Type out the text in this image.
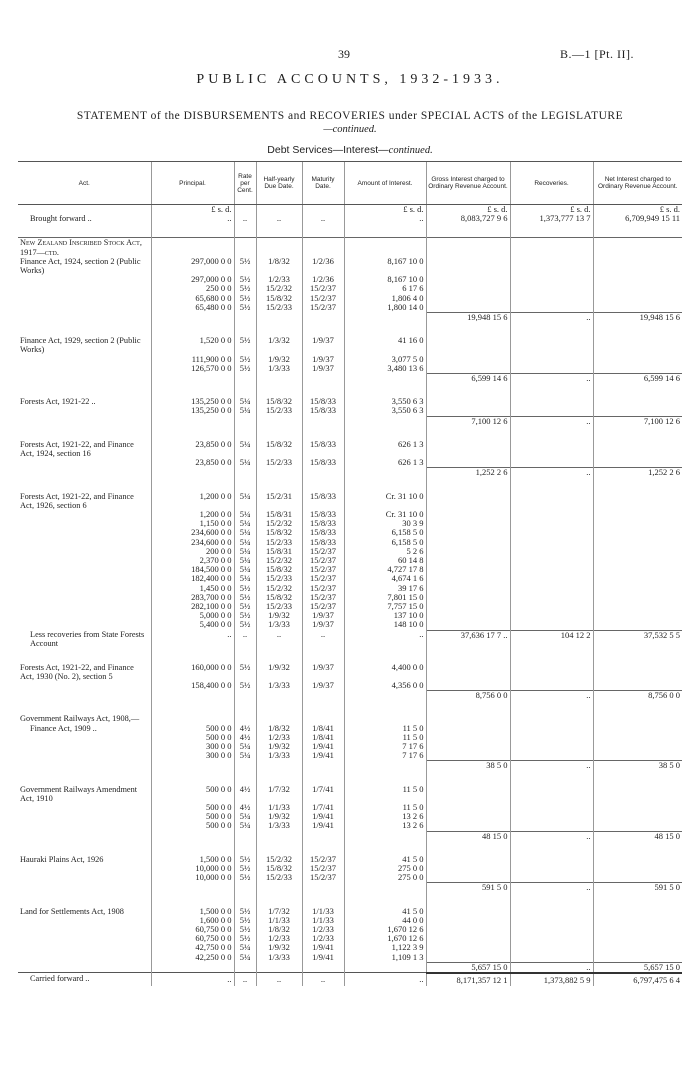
39	B.—1 [Pt. II].
PUBLIC ACCOUNTS, 1932-1933.
STATEMENT of the DISBURSEMENTS and RECOVERIES under SPECIAL ACTS of the LEGISLATURE
—continued.
Debt Services—Interest—continued.
Act.	Principal.	Rate per Cent.	Half-yearly Due Date.	Maturity Date.	Amount of Interest.	Gross Interest charged to Ordinary Revenue Account.	Recoveries.	Net Interest charged to Ordinary Revenue Account.
	£ s. d.				£ s. d.	£ s. d.	£ s. d.	£ s. d.
Brought forward ..	..	..	..	..	..	8,083,727 9 6	1,373,777 13 7	6,709,949 15 11

New Zealand Inscribed Stock Act, 1917—ctd.								
Finance Act, 1924, section 2 (Public Works)	297,000 0 0	5½	1/8/32	1/2/36	8,167 10 0			
	297,000 0 0	5½	1/2/33	1/2/36	8,167 10 0			
	250 0 0	5½	15/2/32	15/2/37	6 17 6			
	65,680 0 0	5½	15/8/32	15/2/37	1,806 4 0			
	65,480 0 0	5½	15/2/33	15/2/37	1,800 14 0			
						19,948 15 6	..	19,948 15 6

Finance Act, 1929, section 2 (Public Works)	1,520 0 0	5½	1/3/32	1/9/37	41 16 0			
	111,900 0 0	5½	1/9/32	1/9/37	3,077 5 0			
	126,570 0 0	5½	1/3/33	1/9/37	3,480 13 6			
						6,599 14 6	..	6,599 14 6

Forests Act, 1921-22 ..	135,250 0 0	5¼	15/8/32	15/8/33	3,550 6 3			
	135,250 0 0	5¼	15/2/33	15/8/33	3,550 6 3			
						7,100 12 6	..	7,100 12 6

Forests Act, 1921-22, and Finance Act, 1924, section 16	23,850 0 0	5¼	15/8/32	15/8/33	626 1 3			
	23,850 0 0	5¼	15/2/33	15/8/33	626 1 3			
						1,252 2 6	..	1,252 2 6

Forests Act, 1921-22, and Finance Act, 1926, section 6	1,200 0 0	5¼	15/2/31	15/8/33	Cr. 31 10 0			
	1,200 0 0	5¼	15/8/31	15/8/33	Cr. 31 10 0			
	1,150 0 0	5¼	15/2/32	15/8/33	30 3 9			
	234,600 0 0	5¼	15/8/32	15/8/33	6,158 5 0			
	234,600 0 0	5¼	15/2/33	15/8/33	6,158 5 0			
	200 0 0	5¼	15/8/31	15/2/37	5 2 6			
	2,370 0 0	5¼	15/2/32	15/2/37	60 14 8			
	184,500 0 0	5¼	15/8/32	15/2/37	4,727 17 8			
	182,400 0 0	5¼	15/2/33	15/2/37	4,674 1 6			
	1,450 0 0	5½	15/2/32	15/2/37	39 17 6			
	283,700 0 0	5½	15/8/32	15/2/37	7,801 15 0			
	282,100 0 0	5½	15/2/33	15/2/37	7,757 15 0			
	5,000 0 0	5½	1/9/32	1/9/37	137 10 0			
	5,400 0 0	5½	1/3/33	1/9/37	148 10 0			
Less recoveries from State Forests Account	..	..	..	..	..	37,636 17 7 ..	104 12 2	37,532 5 5

Forests Act, 1921-22, and Finance Act, 1930 (No. 2), section 5	160,000 0 0	5½	1/9/32	1/9/37	4,400 0 0			
	158,400 0 0	5½	1/3/33	1/9/37	4,356 0 0			
						8,756 0 0	..	8,756 0 0

Government Railways Act, 1908,—								
Finance Act, 1909 ..	500 0 0	4½	1/8/32	1/8/41	11 5 0			
	500 0 0	4½	1/2/33	1/8/41	11 5 0			
	300 0 0	5¼	1/9/32	1/9/41	7 17 6			
	300 0 0	5¼	1/3/33	1/9/41	7 17 6			
						38 5 0	..	38 5 0

Government Railways Amendment Act, 1910	500 0 0	4½	1/7/32	1/7/41	11 5 0			
	500 0 0	4½	1/1/33	1/7/41	11 5 0			
	500 0 0	5¼	1/9/32	1/9/41	13 2 6			
	500 0 0	5¼	1/3/33	1/9/41	13 2 6			
						48 15 0	..	48 15 0

Hauraki Plains Act, 1926	1,500 0 0	5½	15/2/32	15/2/37	41 5 0			
	10,000 0 0	5½	15/8/32	15/2/37	275 0 0			
	10,000 0 0	5½	15/2/33	15/2/37	275 0 0			
						591 5 0	..	591 5 0

Land for Settlements Act, 1908	1,500 0 0	5½	1/7/32	1/1/33	41 5 0			
	1,600 0 0	5½	1/1/33	1/1/33	44 0 0			
	60,750 0 0	5½	1/8/32	1/2/33	1,670 12 6			
	60,750 0 0	5½	1/2/33	1/2/33	1,670 12 6			
	42,750 0 0	5¼	1/9/32	1/9/41	1,122 3 9			
	42,250 0 0	5¼	1/3/33	1/9/41	1,109 1 3			
						5,657 15 0	..	5,657 15 0
Carried forward ..	..	..	..	..	..	8,171,357 12 1	1,373,882 5 9	6,797,475 6 4
